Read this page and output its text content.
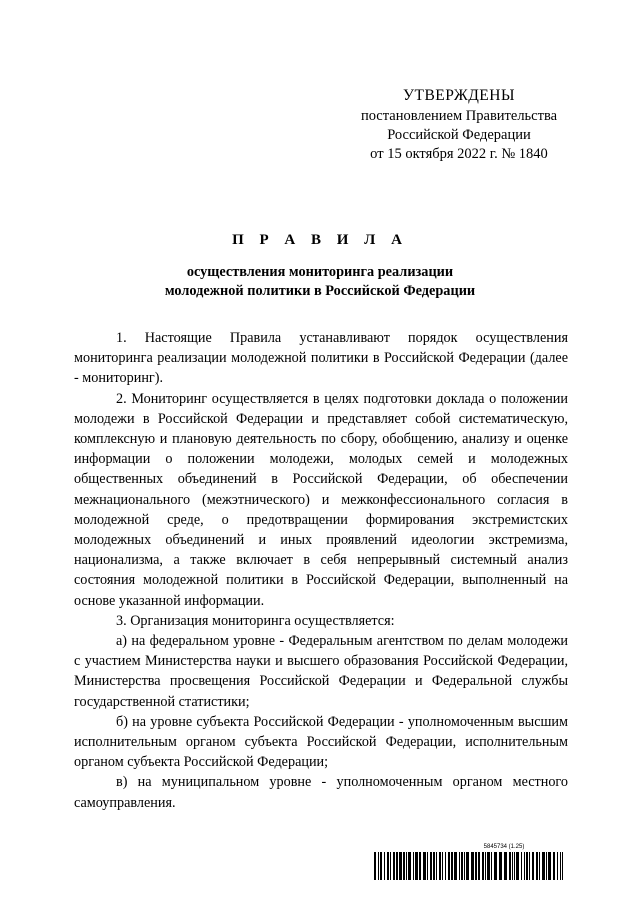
УТВЕРЖДЕНЫ
постановлением Правительства
Российской Федерации
от 15 октября 2022 г. № 1840
П Р А В И Л А
осуществления мониторинга реализации
молодежной политики в Российской Федерации

1. Настоящие Правила устанавливают порядок осуществления мониторинга реализации молодежной политики в Российской Федерации (далее - мониторинг).

2. Мониторинг осуществляется в целях подготовки доклада о положении молодежи в Российской Федерации и представляет собой систематическую, комплексную и плановую деятельность по сбору, обобщению, анализу и оценке информации о положении молодежи, молодых семей и молодежных общественных объединений в Российской Федерации, об обеспечении межнационального (межэтнического) и межконфессионального согласия в молодежной среде, о предотвращении формирования экстремистских молодежных объединений и иных проявлений идеологии экстремизма, национализма, а также включает в себя непрерывный системный анализ состояния молодежной политики в Российской Федерации, выполненный на основе указанной информации.

3. Организация мониторинга осуществляется:

а) на федеральном уровне - Федеральным агентством по делам молодежи с участием Министерства науки и высшего образования Российской Федерации, Министерства просвещения Российской Федерации и Федеральной службы государственной статистики;

б) на уровне субъекта Российской Федерации - уполномоченным высшим исполнительным органом субъекта Российской Федерации, исполнительным органом субъекта Российской Федерации;

в) на муниципальном уровне - уполномоченным органом местного самоуправления.

5845734 (1.25)
